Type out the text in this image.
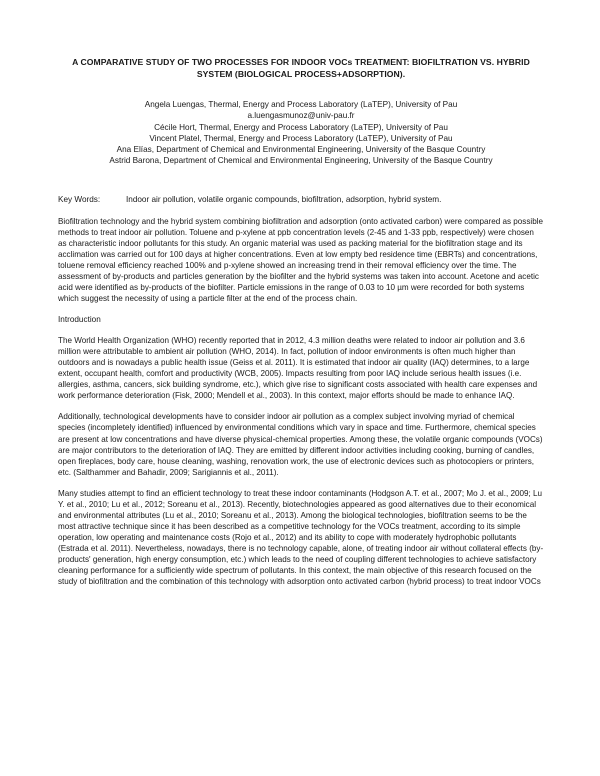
A COMPARATIVE STUDY OF TWO PROCESSES FOR INDOOR VOCs TREATMENT: BIOFILTRATION VS. HYBRID SYSTEM (BIOLOGICAL PROCESS+ADSORPTION).
Angela Luengas, Thermal, Energy and Process Laboratory (LaTEP), University of Pau
a.luengasmunoz@univ-pau.fr
Cécile Hort, Thermal, Energy and Process Laboratory (LaTEP), University of Pau
Vincent Platel, Thermal, Energy and Process Laboratory (LaTEP), University of Pau
Ana Elías, Department of Chemical and Environmental Engineering, University of the Basque Country
Astrid Barona, Department of Chemical and Environmental Engineering, University of the Basque Country
Key Words:	Indoor air pollution, volatile organic compounds, biofiltration, adsorption, hybrid system.

Biofiltration technology and the hybrid system combining biofiltration and adsorption (onto activated carbon) were compared as possible methods to treat indoor air pollution. Toluene and p-xylene at ppb concentration levels (2-45 and 1-33 ppb, respectively) were chosen as characteristic indoor pollutants for this study. An organic material was used as packing material for the biofiltration stage and its acclimation was carried out for 100 days at higher concentrations. Even at low empty bed residence time (EBRTs) and concentrations, toluene removal efficiency reached 100% and p-xylene showed an increasing trend in their removal efficiency over the time. The assessment of by-products and particles generation by the biofilter and the hybrid systems was taken into account. Acetone and acetic acid were identified as by-products of the biofilter. Particle emissions in the range of 0.03 to 10 µm were recorded for both systems which suggest the necessity of using a particle filter at the end of the process chain.

Introduction

The World Health Organization (WHO) recently reported that in 2012, 4.3 million deaths were related to indoor air pollution and 3.6 million were attributable to ambient air pollution (WHO, 2014). In fact, pollution of indoor environments is often much higher than outdoors and is nowadays a public health issue (Geiss et al. 2011). It is estimated that indoor air quality (IAQ) determines, to a large extent, occupant health, comfort and productivity (WCB, 2005). Impacts resulting from poor IAQ include serious health issues (i.e. allergies, asthma, cancers, sick building syndrome, etc.), which give rise to significant costs associated with health care expenses and work performance deterioration (Fisk, 2000; Mendell et al., 2003). In this context, major efforts should be made to enhance IAQ.

Additionally, technological developments have to consider indoor air pollution as a complex subject involving myriad of chemical species (incompletely identified) influenced by environmental conditions which vary in space and time. Furthermore, chemical species are present at low concentrations and have diverse physical-chemical properties. Among these, the volatile organic compounds (VOCs) are major contributors to the deterioration of IAQ. They are emitted by different indoor activities including cooking, burning of candles, open fireplaces, body care, house cleaning, washing, renovation work, the use of electronic devices such as photocopiers or printers, etc. (Salthammer and Bahadir, 2009; Sarigiannis et al., 2011).

Many studies attempt to find an efficient technology to treat these indoor contaminants (Hodgson A.T. et al., 2007; Mo J. et al., 2009; Lu Y. et al., 2010; Lu et al., 2012; Soreanu et al., 2013). Recently, biotechnologies appeared as good alternatives due to their economical and environmental attributes (Lu et al., 2010; Soreanu et al., 2013). Among the biological technologies, biofiltration seems to be the most attractive technique since it has been described as a competitive technology for the VOCs treatment, according to its simple operation, low operating and maintenance costs (Rojo et al., 2012) and its ability to cope with moderately hydrophobic pollutants (Estrada et al. 2011). Nevertheless, nowadays, there is no technology capable, alone, of treating indoor air without collateral effects (by-products' generation, high energy consumption, etc.) which leads to the need of coupling different technologies to achieve satisfactory cleaning performance for a sufficiently wide spectrum of pollutants. In this context, the main objective of this research focused on the study of biofiltration and the combination of this technology with adsorption onto activated carbon (hybrid process) to treat indoor VOCs
